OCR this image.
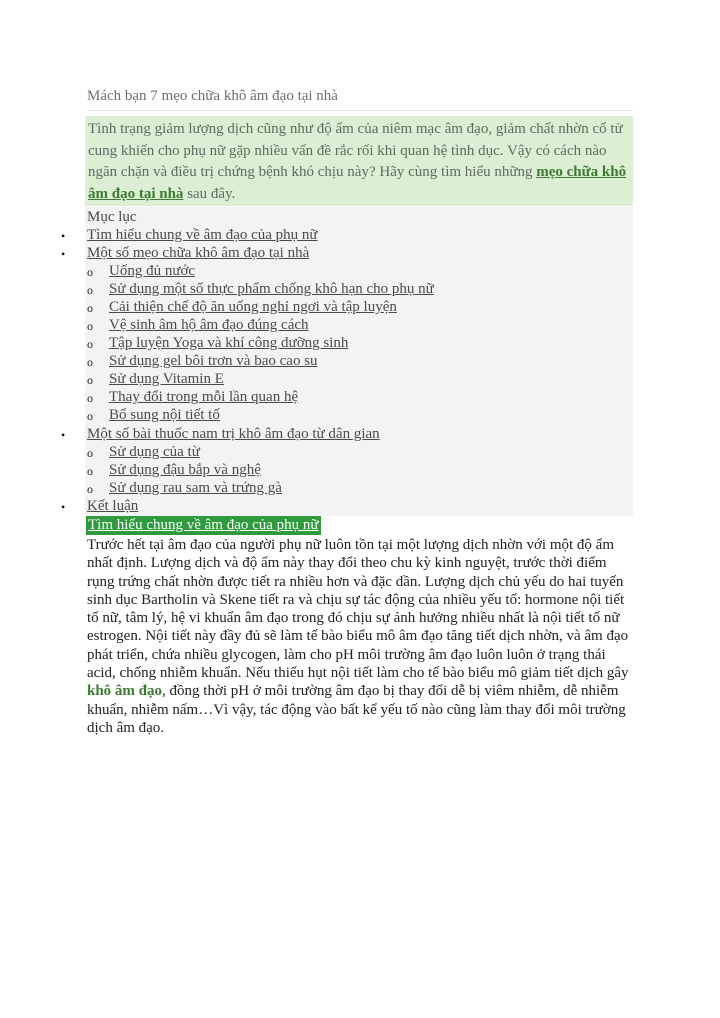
Mách bạn 7 mẹo chữa khô âm đạo tại nhà
Tình trạng giảm lượng dịch cũng như độ ẩm của niêm mạc âm đạo, giảm chất nhờn cổ tử cung khiến cho phụ nữ gặp nhiều vấn đề rắc rối khi quan hệ tình dục. Vậy có cách nào ngăn chặn và điều trị chứng bệnh khó chịu này? Hãy cùng tìm hiểu những mẹo chữa khô âm đạo tại nhà sau đây.
Mục lục
•	Tìm hiểu chung về âm đạo của phụ nữ
•	Một số mẹo chữa khô âm đạo tại nhà
o Uống đủ nước
o Sử dụng một số thực phẩm chống khô hạn cho phụ nữ
o Cải thiện chế độ ăn uống nghỉ ngơi và tập luyện
o Vệ sinh âm hộ âm đạo đúng cách
o Tập luyện Yoga và khí công dưỡng sinh
o Sử dụng gel bôi trơn và bao cao su
o Sử dụng Vitamin E
o Thay đổi trong mỗi lần quan hệ
o Bổ sung nội tiết tố
•	Một số bài thuốc nam trị khô âm đạo từ dân gian
o Sử dụng của từ
o Sử dụng đậu bắp và nghệ
o Sử dụng rau sam và trứng gà
•	Kết luận
Tìm hiểu chung về âm đạo của phụ nữ
Trước hết tại âm đạo của người phụ nữ luôn tồn tại một lượng dịch nhờn với một độ ẩm nhất định. Lượng dịch và độ ẩm này thay đổi theo chu kỳ kinh nguyệt, trước thời điểm rụng trứng chất nhờn được tiết ra nhiều hơn và đặc dần. Lượng dịch chủ yếu do hai tuyến sinh dục Bartholin và Skene tiết ra và chịu sự tác động của nhiều yếu tố: hormone nội tiết tố nữ, tâm lý, hệ vi khuẩn âm đạo trong đó chịu sự ảnh hưởng nhiều nhất là nội tiết tố nữ estrogen. Nội tiết này đầy đủ sẽ làm tế bào biểu mô âm đạo tăng tiết dịch nhờn, và âm đạo phát triển, chứa nhiều glycogen, làm cho pH môi trường âm đạo luôn luôn ở trạng thái acid, chống nhiễm khuẩn. Nếu thiếu hụt nội tiết làm cho tế bào biểu mô giảm tiết dịch gây khô âm đạo, đồng thời pH ở môi trường âm đạo bị thay đổi dễ bị viêm nhiễm, dễ nhiễm khuẩn, nhiễm nấm…Vì vậy, tác động vào bất kể yếu tố nào cũng làm thay đổi môi trường dịch âm đạo.
